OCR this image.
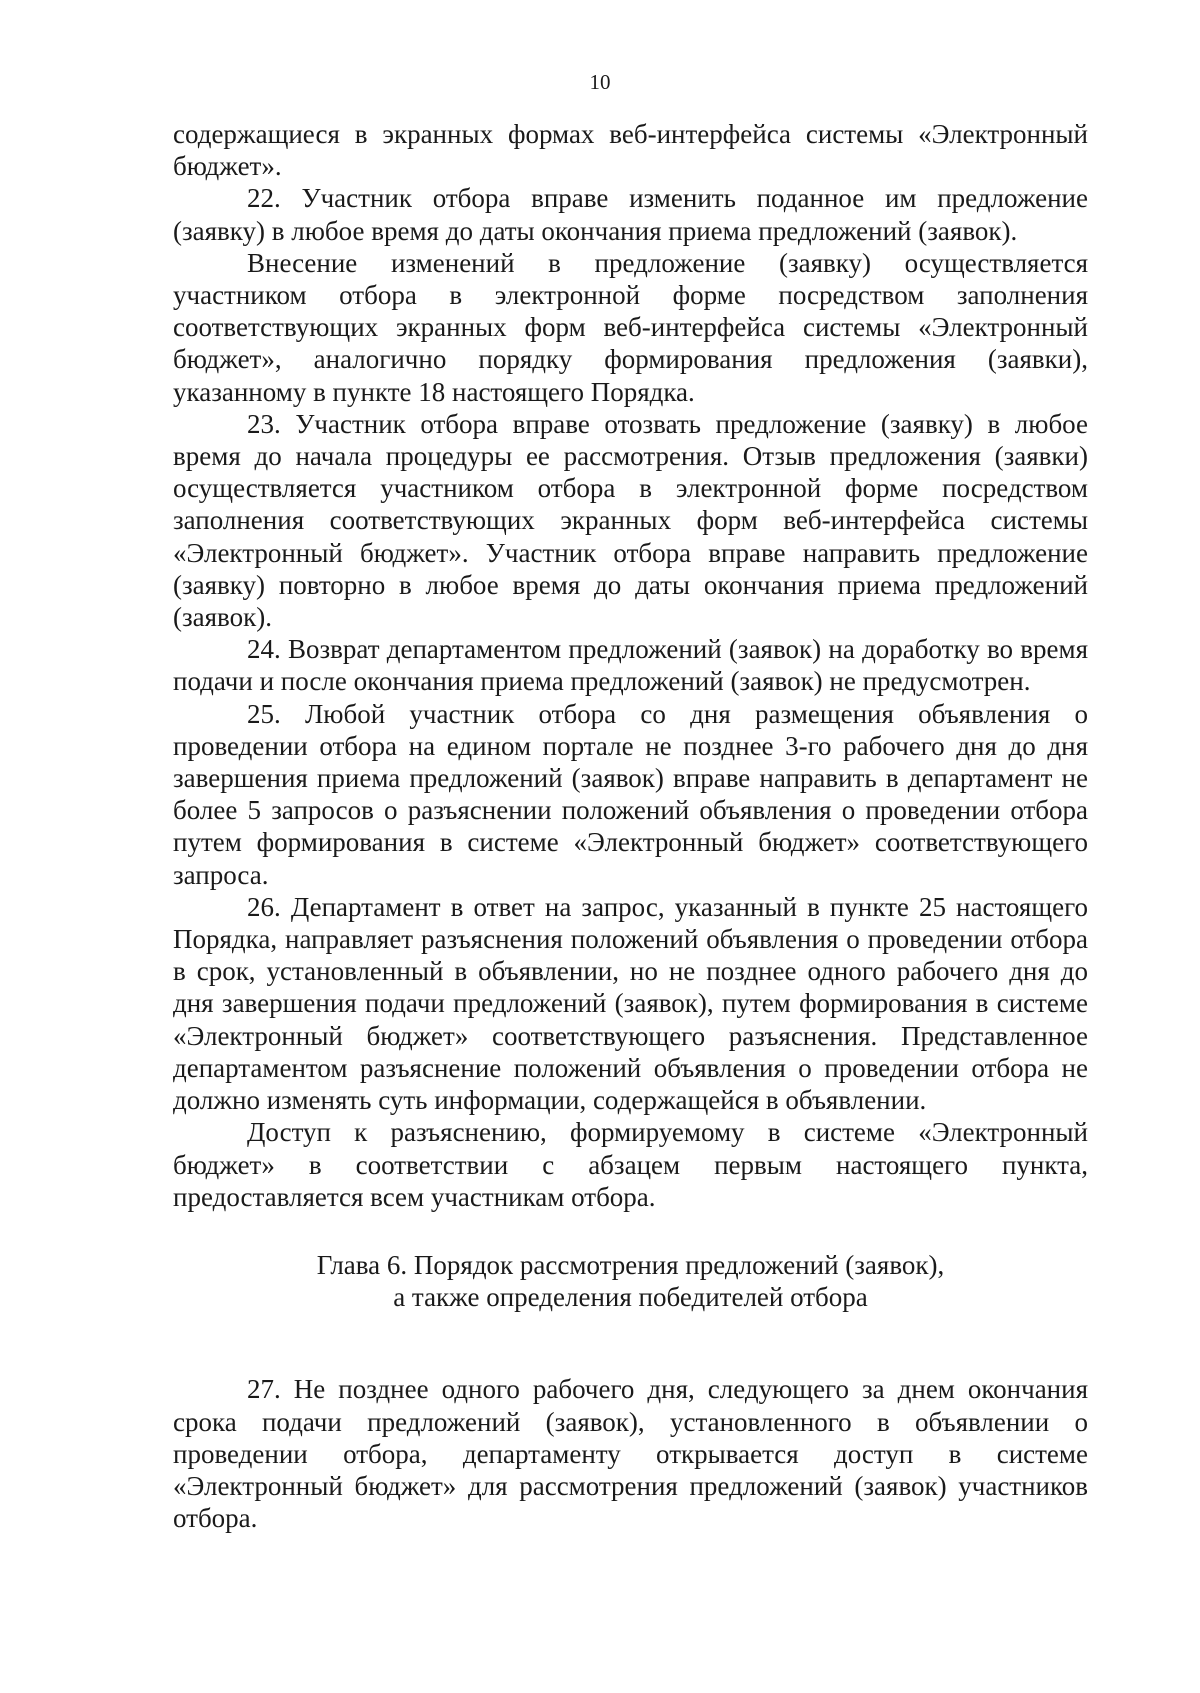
10

содержащиеся в экранных формах веб-интерфейса системы «Электронный бюджет».

22. Участник отбора вправе изменить поданное им предложение (заявку) в любое время до даты окончания приема предложений (заявок).

Внесение изменений в предложение (заявку) осуществляется участником отбора в электронной форме посредством заполнения соответствующих экранных форм веб-интерфейса системы «Электронный бюджет», аналогично порядку формирования предложения (заявки), указанному в пункте 18 настоящего Порядка.

23. Участник отбора вправе отозвать предложение (заявку) в любое время до начала процедуры ее рассмотрения. Отзыв предложения (заявки) осуществляется участником отбора в электронной форме посредством заполнения соответствующих экранных форм веб-интерфейса системы «Электронный бюджет». Участник отбора вправе направить предложение (заявку) повторно в любое время до даты окончания приема предложений (заявок).

24. Возврат департаментом предложений (заявок) на доработку во время подачи и после окончания приема предложений (заявок) не предусмотрен.

25. Любой участник отбора со дня размещения объявления о проведении отбора на едином портале не позднее 3-го рабочего дня до дня завершения приема предложений (заявок) вправе направить в департамент не более 5 запросов о разъяснении положений объявления о проведении отбора путем формирования в системе «Электронный бюджет» соответствующего запроса.

26. Департамент в ответ на запрос, указанный в пункте 25 настоящего Порядка, направляет разъяснения положений объявления о проведении отбора в срок, установленный в объявлении, но не позднее одного рабочего дня до дня завершения подачи предложений (заявок), путем формирования в системе «Электронный бюджет» соответствующего разъяснения. Представленное департаментом разъяснение положений объявления о проведении отбора не должно изменять суть информации, содержащейся в объявлении.

Доступ к разъяснению, формируемому в системе «Электронный бюджет» в соответствии с абзацем первым настоящего пункта, предоставляется всем участникам отбора.

Глава 6. Порядок рассмотрения предложений (заявок),
а также определения победителей отбора

27. Не позднее одного рабочего дня, следующего за днем окончания срока подачи предложений (заявок), установленного в объявлении о проведении отбора, департаменту открывается доступ в системе «Электронный бюджет» для рассмотрения предложений (заявок) участников отбора.
